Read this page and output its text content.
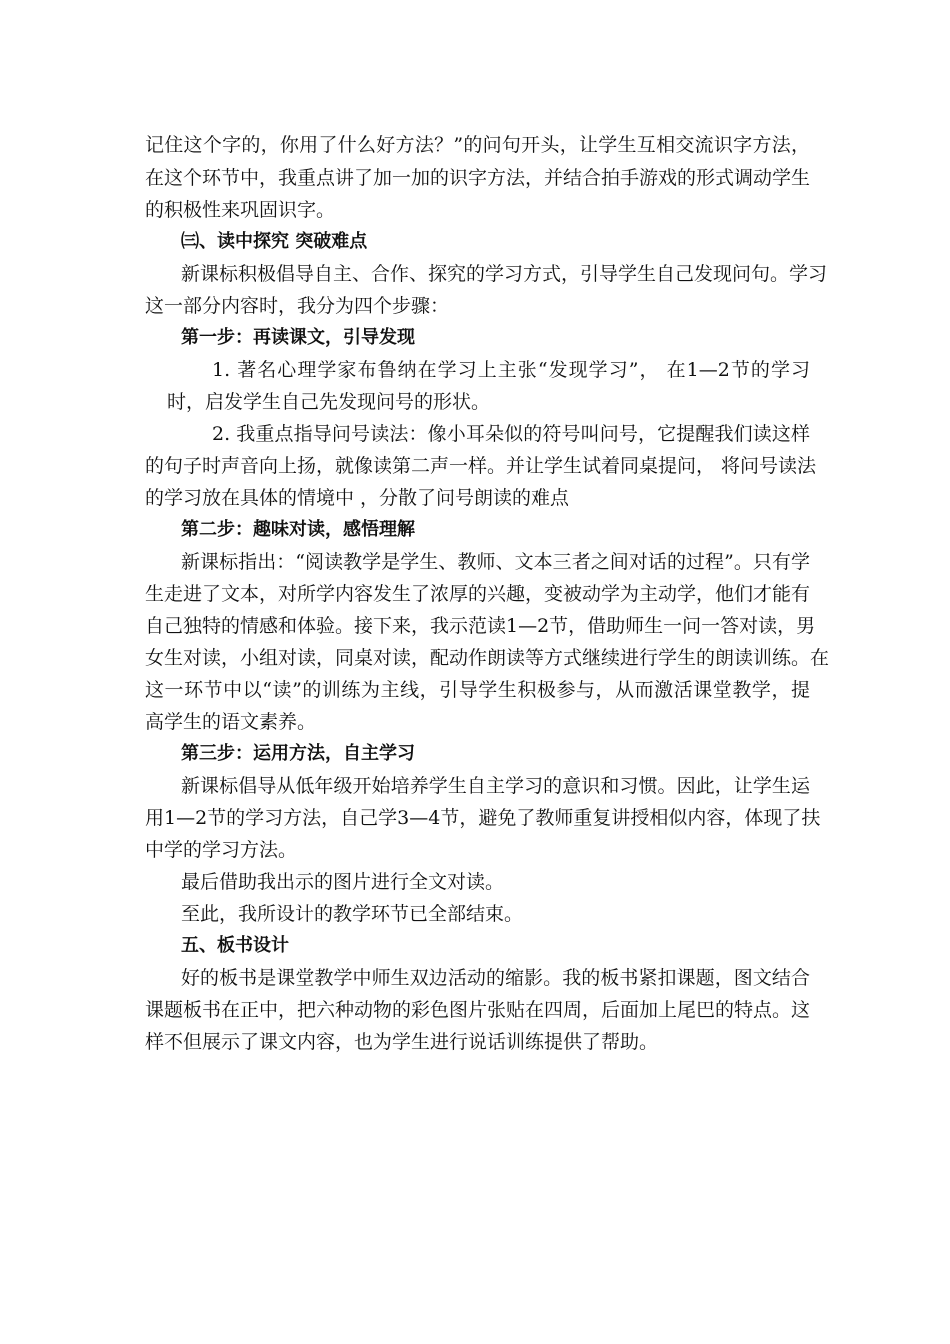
记住这个字的，你用了什么好方法？”的问句开头，让学生互相交流识字方法，
在这个环节中，我重点讲了加一加的识字方法，并结合拍手游戏的形式调动学生
的积极性来巩固识字。
㈢、读中探究 突破难点
新课标积极倡导自主、合作、探究的学习方式，引导学生自己发现问句。学习
这一部分内容时，我分为四个步骤：
第一步：再读课文，引导发现
1. 著名心理学家布鲁纳在学习上主张“发现学习”， 在1—2节的学习
时，启发学生自己先发现问号的形状。
2. 我重点指导问号读法：像小耳朵似的符号叫问号，它提醒我们读这样
的句子时声音向上扬，就像读第二声一样。并让学生试着同桌提问， 将问号读法
的学习放在具体的情境中 ，分散了问号朗读的难点
第二步：趣味对读，感悟理解
新课标指出：“阅读教学是学生、教师、文本三者之间对话的过程”。只有学
生走进了文本，对所学内容发生了浓厚的兴趣，变被动学为主动学，他们才能有
自己独特的情感和体验。接下来，我示范读1—2节，借助师生一问一答对读，男
女生对读，小组对读，同桌对读，配动作朗读等方式继续进行学生的朗读训练。在
这一环节中以“读”的训练为主线，引导学生积极参与，从而激活课堂教学，提
高学生的语文素养。
第三步：运用方法，自主学习
新课标倡导从低年级开始培养学生自主学习的意识和习惯。因此，让学生运
用1—2节的学习方法，自己学3—4节，避免了教师重复讲授相似内容，体现了扶
中学的学习方法。
最后借助我出示的图片进行全文对读。
至此，我所设计的教学环节已全部结束。
五、板书设计
好的板书是课堂教学中师生双边活动的缩影。我的板书紧扣课题，图文结合
课题板书在正中，把六种动物的彩色图片张贴在四周，后面加上尾巴的特点。这
样不但展示了课文内容，也为学生进行说话训练提供了帮助。
